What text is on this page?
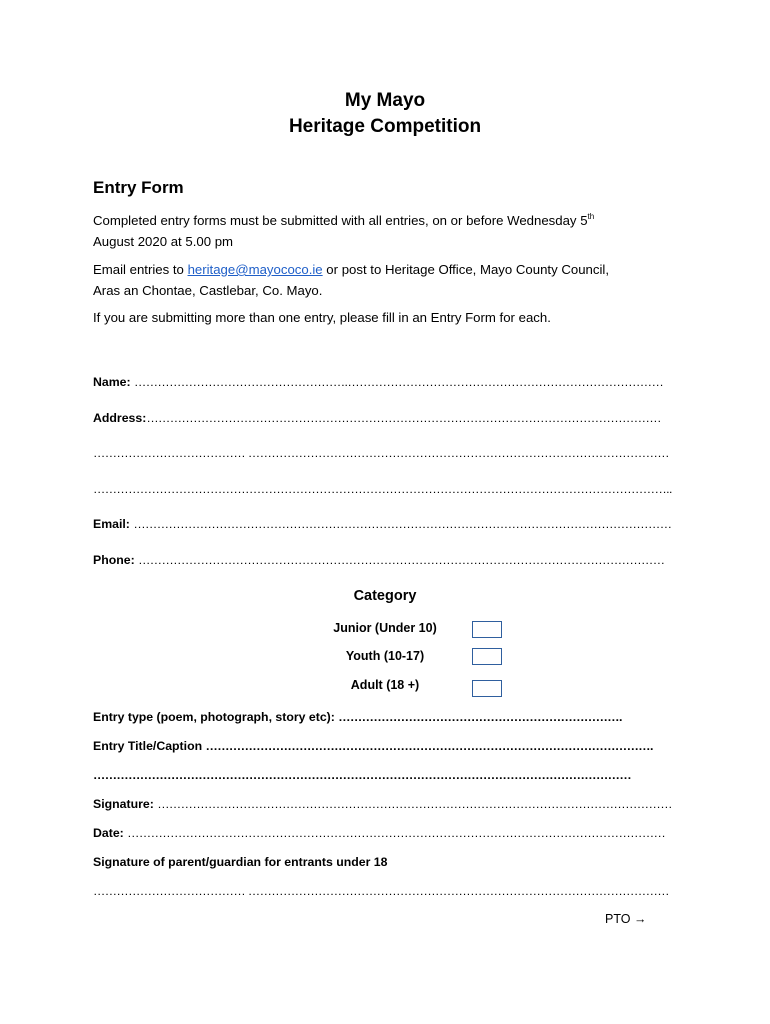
My Mayo
Heritage Competition
Entry Form
Completed entry forms must be submitted with all entries, on or before Wednesday 5th
August 2020 at 5.00 pm
Email entries to heritage@mayococo.ie or post to Heritage Office, Mayo County Council,
Aras an Chontae, Castlebar, Co. Mayo.
If you are submitting more than one entry, please fill in an Entry Form for each.
Name: ……………………………………………….………………………………………………………………………
Address:……………………………………………………………………………………………………………………
………………………………… ………………………………………………………………………………………………
…………………………………………………………………………………………………………………………………..
Email: …………………………………………………………………………………………………………………………
Phone: ………………………………………………………………………………………………………………………
Category
Junior (Under 10)
Youth (10-17)
Adult (18 +)
Entry type (poem, photograph, story etc): ……………………………………………………………….
Entry Title/Caption …………………………………………………………………………………………………….
…………………………………………………………………………………………………………………………
Signature: ……………………………………………………………………………………………………………………
Date: …………………………………………………………………………………………………………………………
Signature of parent/guardian for entrants under 18
………………………………… ………………………………………………………………………………………………
PTO →
